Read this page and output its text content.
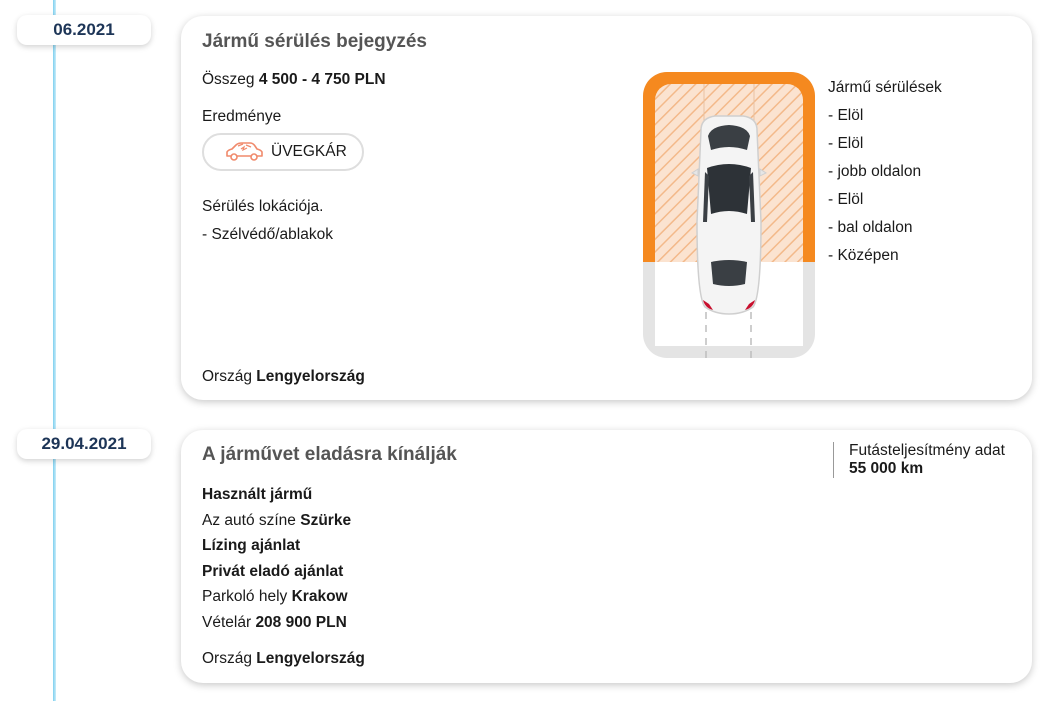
06.2021
Jármű sérülés bejegyzés
Összeg 4 500 - 4 750 PLN
Eredménye
ÜVEGKÁR
Sérülés lokációja.
- Szélvédő/ablakok
Jármű sérülések
- Elöl
- Elöl
- jobb oldalon
- Elöl
- bal oldalon
- Középen
Ország Lengyelország
29.04.2021
A járművet eladásra kínálják	Futásteljesítmény adat
55 000 km
Használt jármű
Az autó színe Szürke
Lízing ajánlat
Privát eladó ajánlat
Parkoló hely Krakow
Vételár 208 900 PLN
Ország Lengyelország
